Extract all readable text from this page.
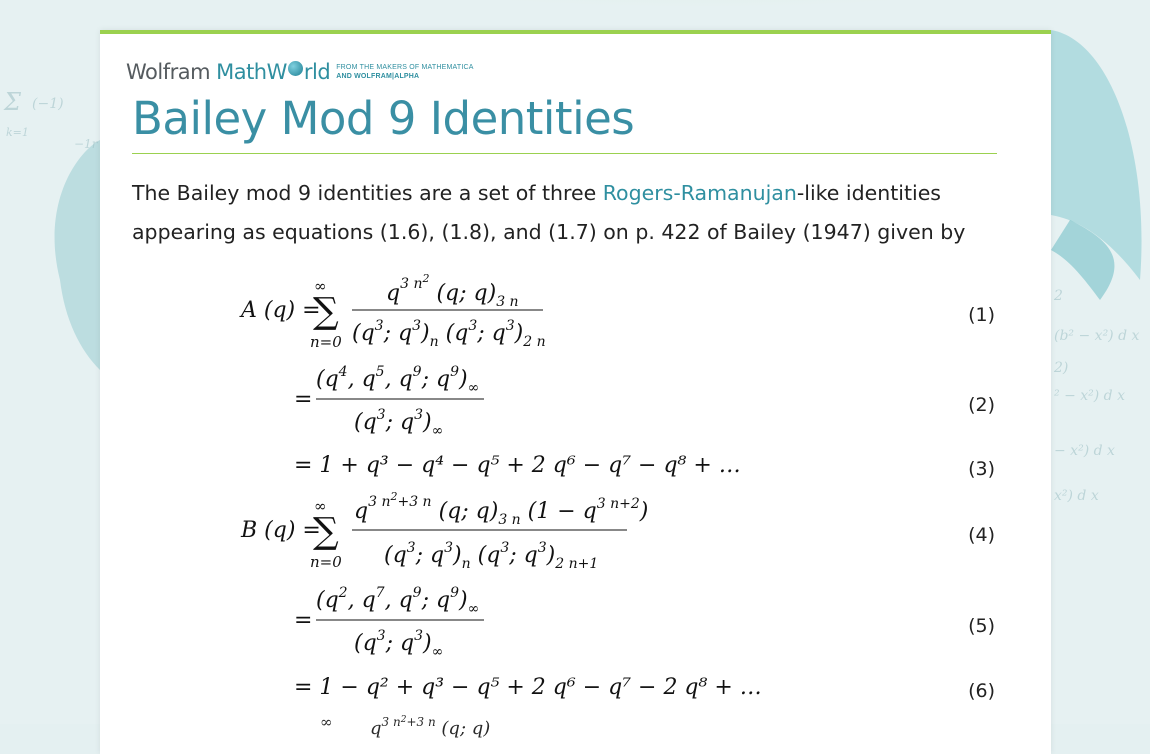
Σ (−1)
k=1
−1r
2
(b² − x²) d x
2)
² − x²) d x
− x²) d x
x²) d x
Wolfram MathW rld FROM THE MAKERS OF MATHEMATICA
AND WOLFRAM|ALPHA
Bailey Mod 9 Identities

The Bailey mod 9 identities are a set of three Rogers-Ramanujan-like identities appearing as equations (1.6), (1.8), and (1.7) on p. 422 of Bailey (1947) given by

A (q) =
∞
∑
n=0
$q^{3 n2}$ (q; $q)_{3 n}$
($q^3$; $q^3)_n$ ($q^3$; $q^3)_{2 n}$
=
($q^4$, $q^5$, $q^9$; $q^9)_\infty$
($q^3$; $q^3)_\infty$
= 1 + q³ − q⁴ − q⁵ + 2 q⁶ − q⁷ − q⁸ + …
B (q) =
∞
∑
n=0
$q^{3 n2}_{+3 n}$ (q; $q)_{3 n}$ $(1 - q^{3 n+2})$
($q^3$; $q^3)_n$ ($q^3$; $q^3)_{2 n+1}$
=
($q^2$, $q^7$, $q^9$; $q^9)_\infty$
($q^3$; $q^3)_\infty$
= 1 − q² + q³ − q⁵ + 2 q⁶ − q⁷ − 2 q⁸ + …
∞ $q^{3 n2}_{+3 n}$ (q; q)
(1)
(2)
(3)
(4)
(5)
(6)
